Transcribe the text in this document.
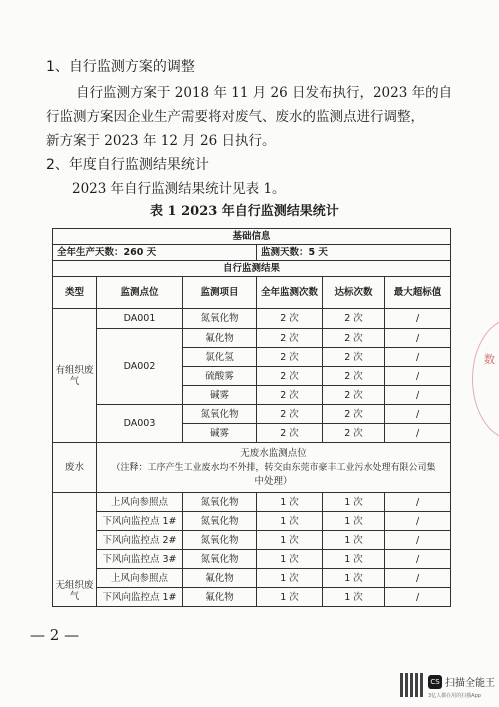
1、自行监测方案的调整
自行监测方案于 2018 年 11 月 26 日发布执行，2023 年的自
行监测方案因企业生产需要将对废气、废水的监测点进行调整，
新方案于 2023 年 12 月 26 日执行。
2、年度自行监测结果统计
2023 年自行监测结果统计见表 1。
表 1 2023 年自行监测结果统计
基础信息					
全年生产天数：260 天			监测天数：5 天		
自行监测结果					
类型	监测点位	监测项目	全年监测次数	达标次数	最大超标值
有组织废气	DA001	氮氧化物	2 次	2 次	/
	DA002	氟化物	2 次	2 次	/
		氯化氢	2 次	2 次	/
		硫酸雾	2 次	2 次	/
		碱雾	2 次	2 次	/
	DA003	氮氧化物	2 次	2 次	/
		碱雾	2 次	2 次	/
废水	无废水监测点位
（注释：工序产生工业废水均不外排，转交由东莞市豪丰工业污水处理有限公司集
中处理）				

无组织废气	上风向参照点	氮氧化物	1 次	1 次	/
	下风向监控点 1#	氮氧化物	1 次	1 次	/
	下风向监控点 2#	氮氧化物	1 次	1 次	/
	下风向监控点 3#	氮氧化物	1 次	1 次	/
	上风向参照点	氟化物	1 次	1 次	/
	下风向监控点 1#	氟化物	1 次	1 次	/
— 2 —
数
CS 扫描全能王
3亿人都在用的扫描App
